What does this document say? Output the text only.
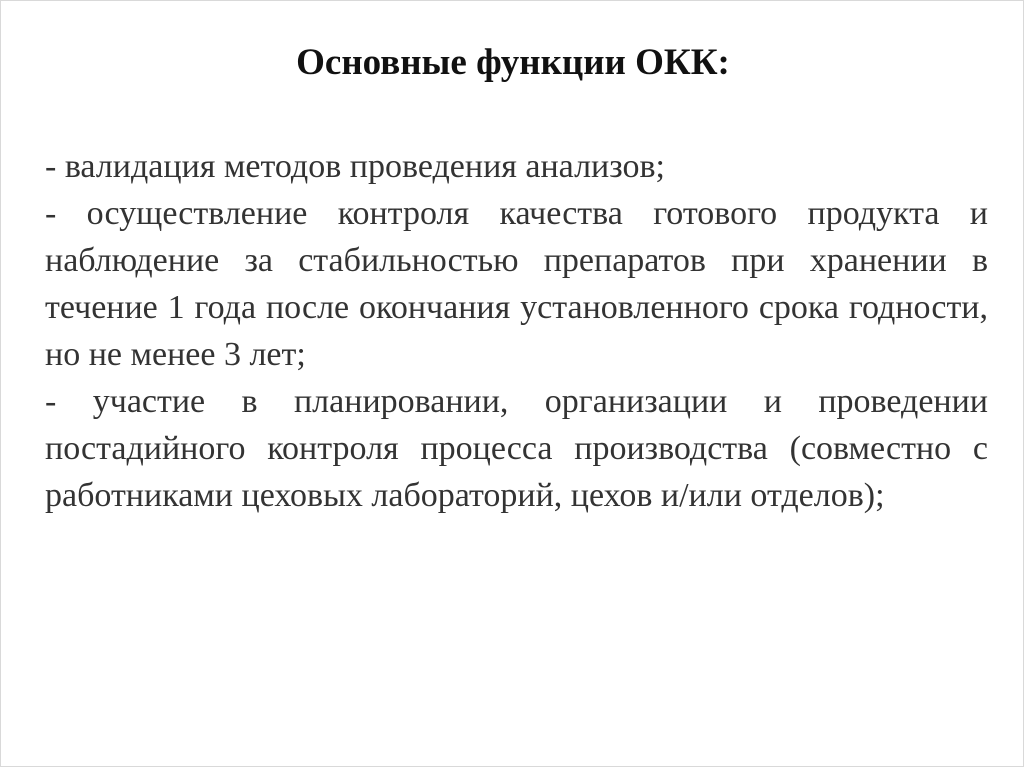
Основные функции ОКК:

- валидация методов проведения анализов;

- осуществление контроля качества готового продукта и наблюдение за стабильностью препаратов при хранении в течение 1 года после окончания установленного срока годности, но не менее 3 лет;

- участие в планировании, организации и проведении постадийного контроля процесса производства (совместно с работниками цеховых лабораторий, цехов и/или отделов);
